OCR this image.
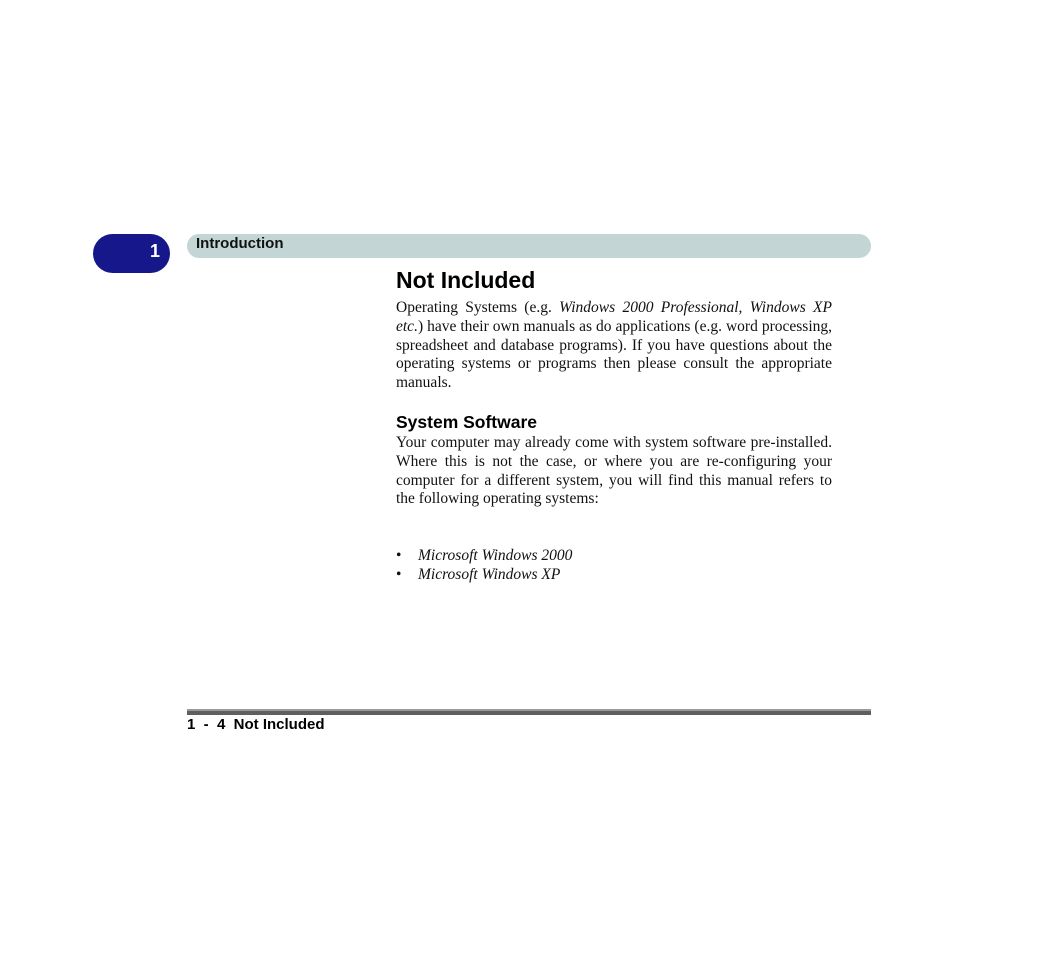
1 Introduction
Not Included

Operating Systems (e.g. Windows 2000 Professional, Windows XP etc.) have their own manuals as do applications (e.g. word processing, spreadsheet and database programs). If you have questions about the operating systems or programs then please consult the appropriate manuals.

System Software

Your computer may already come with system software pre-installed. Where this is not the case, or where you are re-configuring your computer for a different system, you will find this manual refers to the following operating systems:

•	Microsoft Windows 2000
•	Microsoft Windows XP
1  -  4  Not Included
